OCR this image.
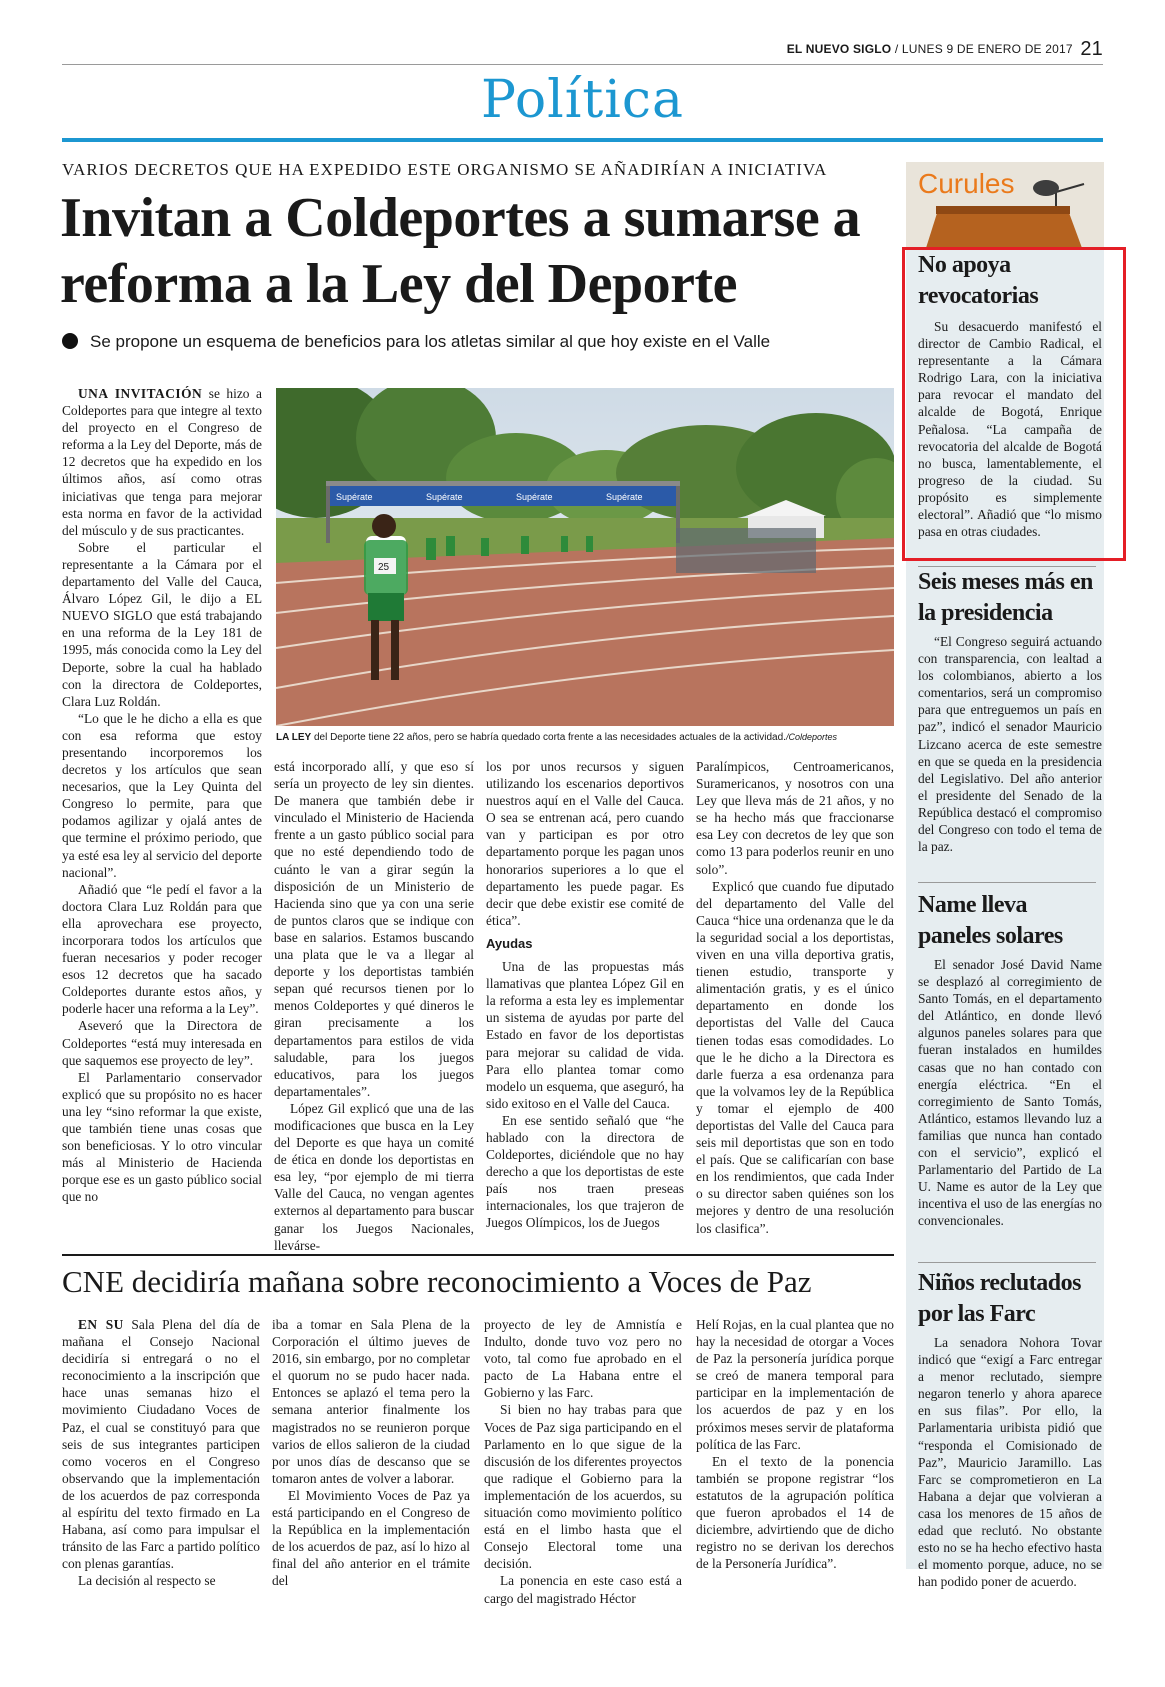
EL NUEVO SIGLO / LUNES 9 DE ENERO DE 2017 21
Política
VARIOS DECRETOS QUE HA EXPEDIDO ESTE ORGANISMO SE AÑADIRÍAN A INICIATIVA
Invitan a Coldeportes a sumarse a reforma a la Ley del Deporte
Se propone un esquema de beneficios para los atletas similar al que hoy existe en el Valle

UNA INVITACIÓN se hizo a Coldeportes para que integre al texto del proyecto en el Congreso de reforma a la Ley del Deporte, más de 12 decretos que ha expedido en los últimos años, así como otras iniciativas que tenga para mejorar esta norma en favor de la actividad del músculo y de sus practicantes.

Sobre el particular el representante a la Cámara por el departamento del Valle del Cauca, Álvaro López Gil, le dijo a EL NUEVO SIGLO que está trabajando en una reforma de la Ley 181 de 1995, más conocida como la Ley del Deporte, sobre la cual ha hablado con la directora de Coldeportes, Clara Luz Roldán.

“Lo que le he dicho a ella es que con esa reforma que estoy presentando incorporemos los decretos y los artículos que sean necesarios, que la Ley Quinta del Congreso lo permite, para que podamos agilizar y ojalá antes de que termine el próximo periodo, que ya esté esa ley al servicio del deporte nacional”.

Añadió que “le pedí el favor a la doctora Clara Luz Roldán para que ella aprovechara ese proyecto, incorporara todos los artículos que fueran necesarios y poder recoger esos 12 decretos que ha sacado Coldeportes durante estos años, y poderle hacer una reforma a la Ley”.

Aseveró que la Directora de Coldeportes “está muy interesada en que saquemos ese proyecto de ley”.

El Parlamentario conservador explicó que su propósito no es hacer una ley “sino reformar la que existe, que también tiene unas cosas que son beneficiosas. Y lo otro vincular más al Ministerio de Hacienda porque ese es un gasto público social que no

Supérate	Supérate	Supérate	Supérate
25
LA LEY del Deporte tiene 22 años, pero se habría quedado corta frente a las necesidades actuales de la actividad./Coldeportes

está incorporado allí, y que eso sí sería un proyecto de ley sin dientes. De manera que también debe ir vinculado el Ministerio de Hacienda frente a un gasto público social para que no esté dependiendo todo de cuánto le van a girar según la disposición de un Ministerio de Hacienda sino que ya con una serie de puntos claros que se indique con base en salarios. Estamos buscando una plata que le va a llegar al deporte y los deportistas también sepan qué recursos tienen por lo menos Coldeportes y qué dineros le giran precisamente a los departamentos para estilos de vida saludable, para los juegos educativos, para los juegos departamentales”.

López Gil explicó que una de las modificaciones que busca en la Ley del Deporte es que haya un comité de ética en donde los deportistas en esa ley, “por ejemplo de mi tierra Valle del Cauca, no vengan agentes externos al departamento para buscar ganar los Juegos Nacionales, llevárse-

los por unos recursos y siguen utilizando los escenarios deportivos nuestros aquí en el Valle del Cauca. O sea se entrenan acá, pero cuando van y participan es por otro departamento porque les pagan unos honorarios superiores a lo que el departamento les puede pagar. Es decir que debe existir ese comité de ética”.

Ayudas

Una de las propuestas más llamativas que plantea López Gil en la reforma a esta ley es implementar un sistema de ayudas por parte del Estado en favor de los deportistas para mejorar su calidad de vida. Para ello plantea tomar como modelo un esquema, que aseguró, ha sido exitoso en el Valle del Cauca.

En ese sentido señaló que “he hablado con la directora de Coldeportes, diciéndole que no hay derecho a que los deportistas de este país nos traen preseas internacionales, los que trajeron de Juegos Olímpicos, los de Juegos

Paralímpicos, Centroamericanos, Suramericanos, y nosotros con una Ley que lleva más de 21 años, y no se ha hecho más que fraccionarse esa Ley con decretos de ley que son como 13 para poderlos reunir en uno solo”.

Explicó que cuando fue diputado del departamento del Valle del Cauca “hice una ordenanza que le da la seguridad social a los deportistas, viven en una villa deportiva gratis, tienen estudio, transporte y alimentación gratis, y es el único departamento en donde los deportistas del Valle del Cauca tienen todas esas comodidades. Lo que le he dicho a la Directora es darle fuerza a esa ordenanza para que la volvamos ley de la República y tomar el ejemplo de 400 deportistas del Valle del Cauca para seis mil deportistas que son en todo el país. Que se calificarían con base en los rendimientos, que cada Inder o su director saben quiénes son los mejores y dentro de una resolución los clasifica”.

CNE decidiría mañana sobre reconocimiento a Voces de Paz

EN SU Sala Plena del día de mañana el Consejo Nacional decidiría si entregará o no el reconocimiento a la inscripción que hace unas semanas hizo el movimiento Ciudadano Voces de Paz, el cual se constituyó para que seis de sus integrantes participen como voceros en el Congreso observando que la implementación de los acuerdos de paz corresponda al espíritu del texto firmado en La Habana, así como para impulsar el tránsito de las Farc a partido político con plenas garantías.

La decisión al respecto se

iba a tomar en Sala Plena de la Corporación el último jueves de 2016, sin embargo, por no completar el quorum no se pudo hacer nada. Entonces se aplazó el tema pero la semana anterior finalmente los magistrados no se reunieron porque varios de ellos salieron de la ciudad por unos días de descanso que se tomaron antes de volver a laborar.

El Movimiento Voces de Paz ya está participando en el Congreso de la República en la implementación de los acuerdos de paz, así lo hizo al final del año anterior en el trámite del

proyecto de ley de Amnistía e Indulto, donde tuvo voz pero no voto, tal como fue aprobado en el pacto de La Habana entre el Gobierno y las Farc.

Si bien no hay trabas para que Voces de Paz siga participando en el Parlamento en lo que sigue de la discusión de los diferentes proyectos que radique el Gobierno para la implementación de los acuerdos, su situación como movimiento político está en el limbo hasta que el Consejo Electoral tome una decisión.

La ponencia en este caso está a cargo del magistrado Héctor

Helí Rojas, en la cual plantea que no hay la necesidad de otorgar a Voces de Paz la personería jurídica porque se creó de manera temporal para participar en la implementación de los acuerdos de paz y en los próximos meses servir de plataforma política de las Farc.

En el texto de la ponencia también se propone registrar “los estatutos de la agrupación política que fueron aprobados el 14 de diciembre, advirtiendo que de dicho registro no se derivan los derechos de la Personería Jurídica”.

Curules
No apoya revocatorias

Su desacuerdo manifestó el director de Cambio Radical, el representante a la Cámara Rodrigo Lara, con la iniciativa para revocar el mandato del alcalde de Bogotá, Enrique Peñalosa. “La campaña de revocatoria del alcalde de Bogotá no busca, lamentablemente, el progreso de la ciudad. Su propósito es simplemente electoral”. Añadió que “lo mismo pasa en otras ciudades.

Seis meses más en la presidencia

“El Congreso seguirá actuando con transparencia, con lealtad a los colombianos, abierto a los comentarios, será un compromiso para que entreguemos un país en paz”, indicó el senador Mauricio Lizcano acerca de este semestre en que se queda en la presidencia del Legislativo. Del año anterior el presidente del Senado de la República destacó el compromiso del Congreso con todo el tema de la paz.

Name lleva paneles solares

El senador José David Name se desplazó al corregimiento de Santo Tomás, en el departamento del Atlántico, en donde llevó algunos paneles solares para que fueran instalados en humildes casas que no han contado con energía eléctrica. “En el corregimiento de Santo Tomás, Atlántico, estamos llevando luz a familias que nunca han contado con el servicio”, explicó el Parlamentario del Partido de La U. Name es autor de la Ley que incentiva el uso de las energías no convencionales.

Niños reclutados por las Farc

La senadora Nohora Tovar indicó que “exigí a Farc entregar a menor reclutado, siempre negaron tenerlo y ahora aparece en sus filas”. Por ello, la Parlamentaria uribista pidió que “responda el Comisionado de Paz”, Mauricio Jaramillo. Las Farc se comprometieron en La Habana a dejar que volvieran a casa los menores de 15 años de edad que reclutó. No obstante esto no se ha hecho efectivo hasta el momento porque, aduce, no se han podido poner de acuerdo.
